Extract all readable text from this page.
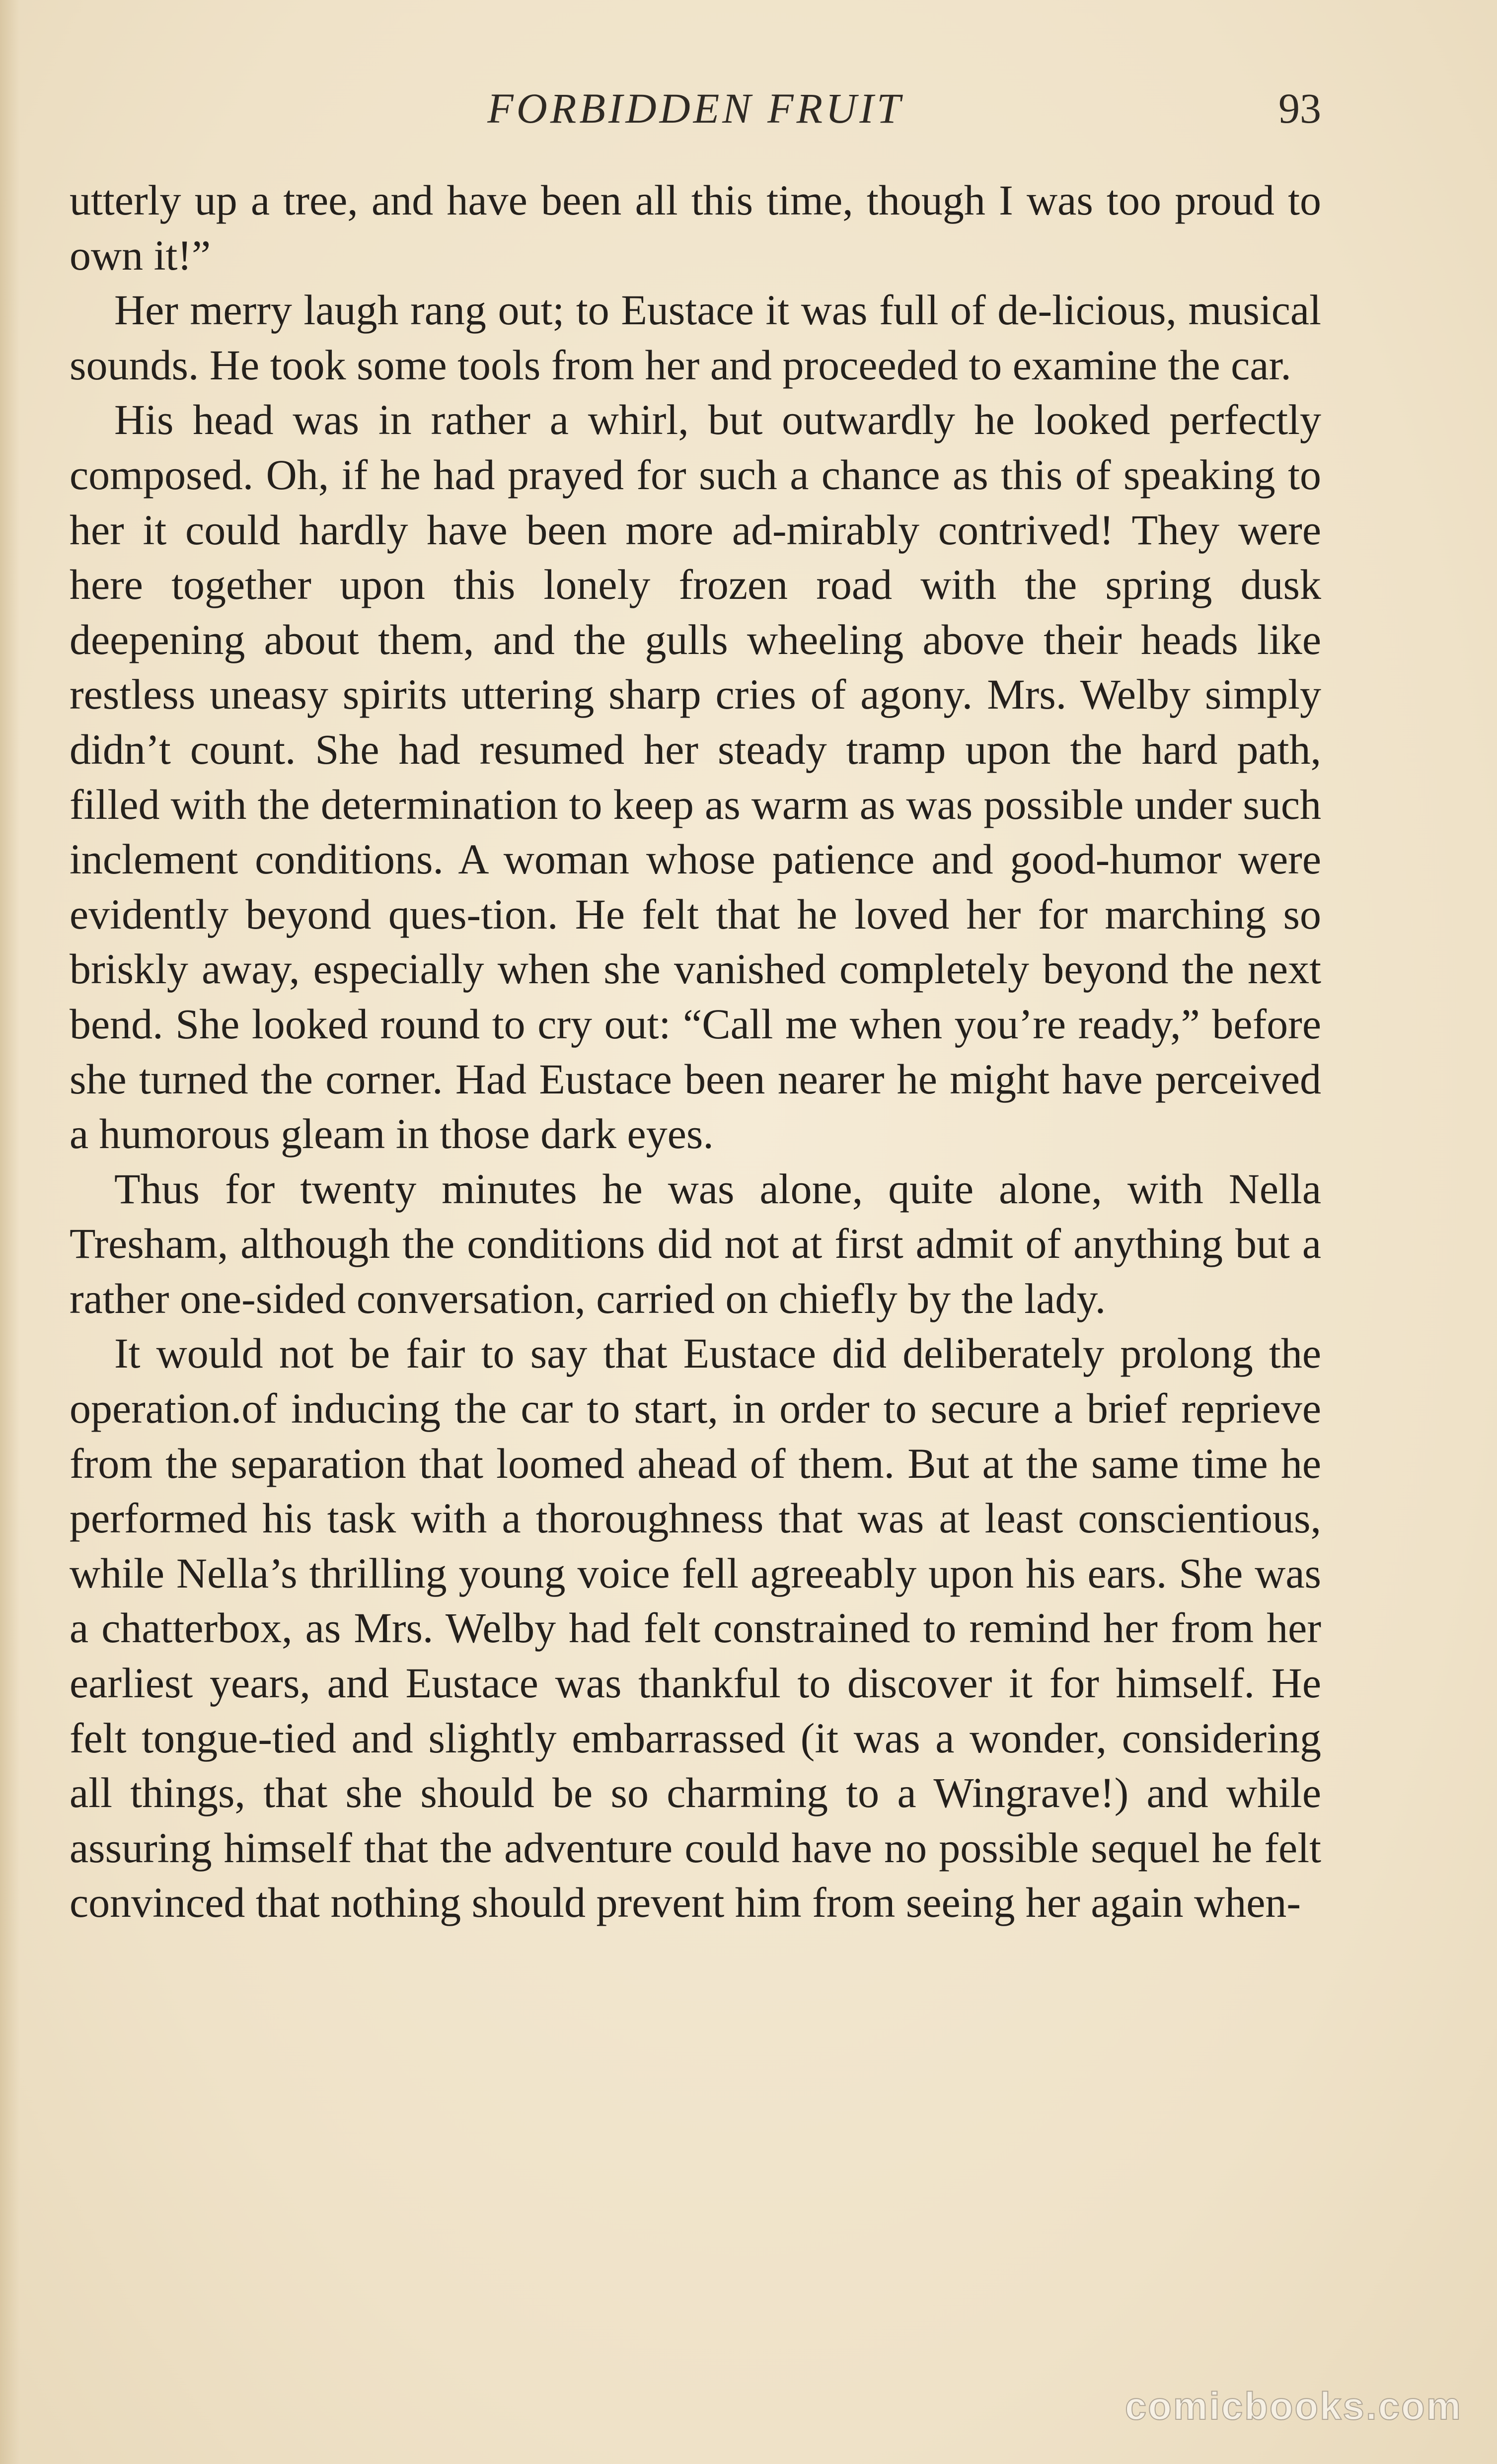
FORBIDDEN FRUIT	93

utterly up a tree, and have been all this time, though I was too proud to own it!”

Her merry laugh rang out; to Eustace it was full of de-licious, musical sounds. He took some tools from her and proceeded to examine the car.

His head was in rather a whirl, but outwardly he looked perfectly composed. Oh, if he had prayed for such a chance as this of speaking to her it could hardly have been more ad-mirably contrived! They were here together upon this lonely frozen road with the spring dusk deepening about them, and the gulls wheeling above their heads like restless uneasy spirits uttering sharp cries of agony. Mrs. Welby simply didn’t count. She had resumed her steady tramp upon the hard path, filled with the determination to keep as warm as was possible under such inclement conditions. A woman whose patience and good-humor were evidently beyond ques-tion. He felt that he loved her for marching so briskly away, especially when she vanished completely beyond the next bend. She looked round to cry out: “Call me when you’re ready,” before she turned the corner. Had Eustace been nearer he might have perceived a humorous gleam in those dark eyes.

Thus for twenty minutes he was alone, quite alone, with Nella Tresham, although the conditions did not at first admit of anything but a rather one-sided conversation, carried on chiefly by the lady.

It would not be fair to say that Eustace did deliberately prolong the operation.of inducing the car to start, in order to secure a brief reprieve from the separation that loomed ahead of them. But at the same time he performed his task with a thoroughness that was at least conscientious, while Nella’s thrilling young voice fell agreeably upon his ears. She was a chatterbox, as Mrs. Welby had felt constrained to remind her from her earliest years, and Eustace was thankful to discover it for himself. He felt tongue-tied and slightly embarrassed (it was a wonder, considering all things, that she should be so charming to a Wingrave!) and while assuring himself that the adventure could have no possible sequel he felt convinced that nothing should prevent him from seeing her again when-

comicbooks.com
